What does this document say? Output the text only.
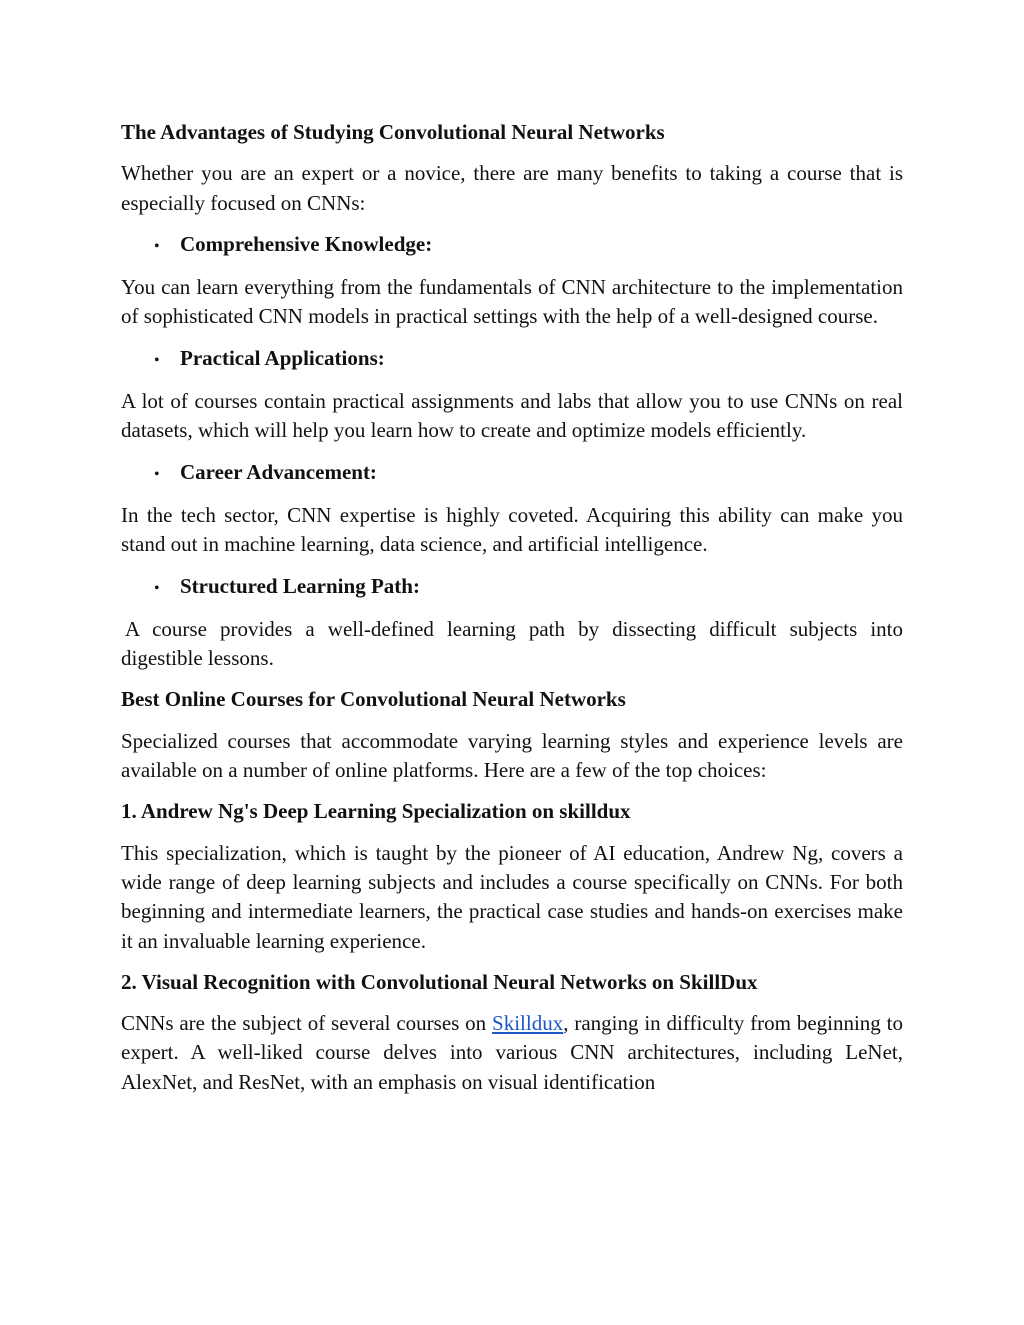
The Advantages of Studying Convolutional Neural Networks

Whether you are an expert or a novice, there are many benefits to taking a course that is especially focused on CNNs:

• Comprehensive Knowledge:

You can learn everything from the fundamentals of CNN architecture to the implementation of sophisticated CNN models in practical settings with the help of a well-designed course.

• Practical Applications:

A lot of courses contain practical assignments and labs that allow you to use CNNs on real datasets, which will help you learn how to create and optimize models efficiently.

• Career Advancement:

In the tech sector, CNN expertise is highly coveted. Acquiring this ability can make you stand out in machine learning, data science, and artificial intelligence.

• Structured Learning Path:

A course provides a well-defined learning path by dissecting difficult subjects into digestible lessons.

Best Online Courses for Convolutional Neural Networks

Specialized courses that accommodate varying learning styles and experience levels are available on a number of online platforms. Here are a few of the top choices:

1. Andrew Ng's Deep Learning Specialization on skilldux

This specialization, which is taught by the pioneer of AI education, Andrew Ng, covers a wide range of deep learning subjects and includes a course specifically on CNNs. For both beginning and intermediate learners, the practical case studies and hands-on exercises make it an invaluable learning experience.

2. Visual Recognition with Convolutional Neural Networks on SkillDux

CNNs are the subject of several courses on Skilldux, ranging in difficulty from beginning to expert. A well-liked course delves into various CNN architectures, including LeNet, AlexNet, and ResNet, with an emphasis on visual identification
